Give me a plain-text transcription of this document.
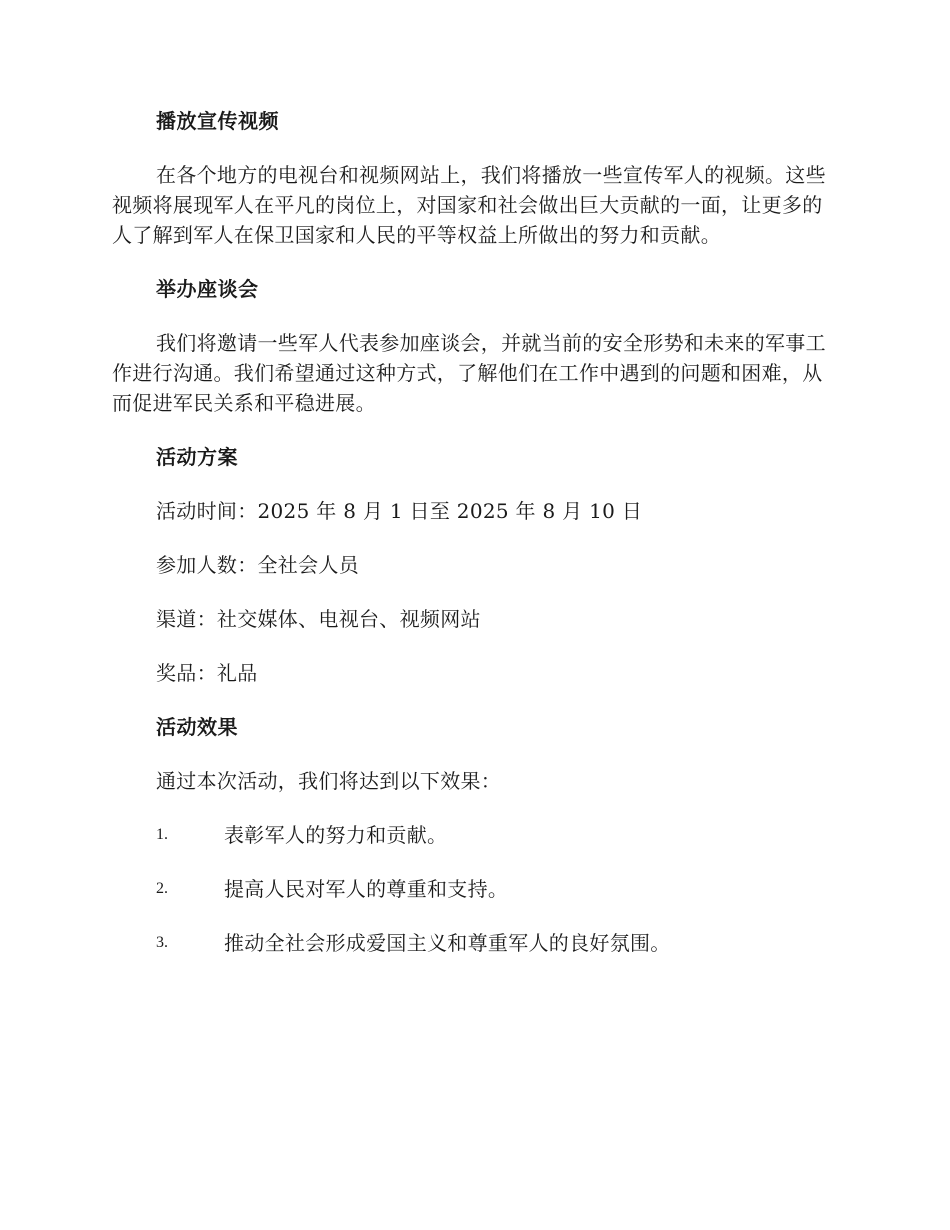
播放宣传视频

在各个地方的电视台和视频网站上，我们将播放一些宣传军人的视频。这些视频将展现军人在平凡的岗位上，对国家和社会做出巨大贡献的一面，让更多的人了解到军人在保卫国家和人民的平等权益上所做出的努力和贡献。

举办座谈会

我们将邀请一些军人代表参加座谈会，并就当前的安全形势和未来的军事工作进行沟通。我们希望通过这种方式，了解他们在工作中遇到的问题和困难，从而促进军民关系和平稳进展。

活动方案

活动时间：2025 年 8 月 1 日至 2025 年 8 月 10 日

参加人数：全社会人员

渠道：社交媒体、电视台、视频网站

奖品：礼品

活动效果

通过本次活动，我们将达到以下效果：

1.	表彰军人的努力和贡献。
2.	提高人民对军人的尊重和支持。
3.	推动全社会形成爱国主义和尊重军人的良好氛围。
